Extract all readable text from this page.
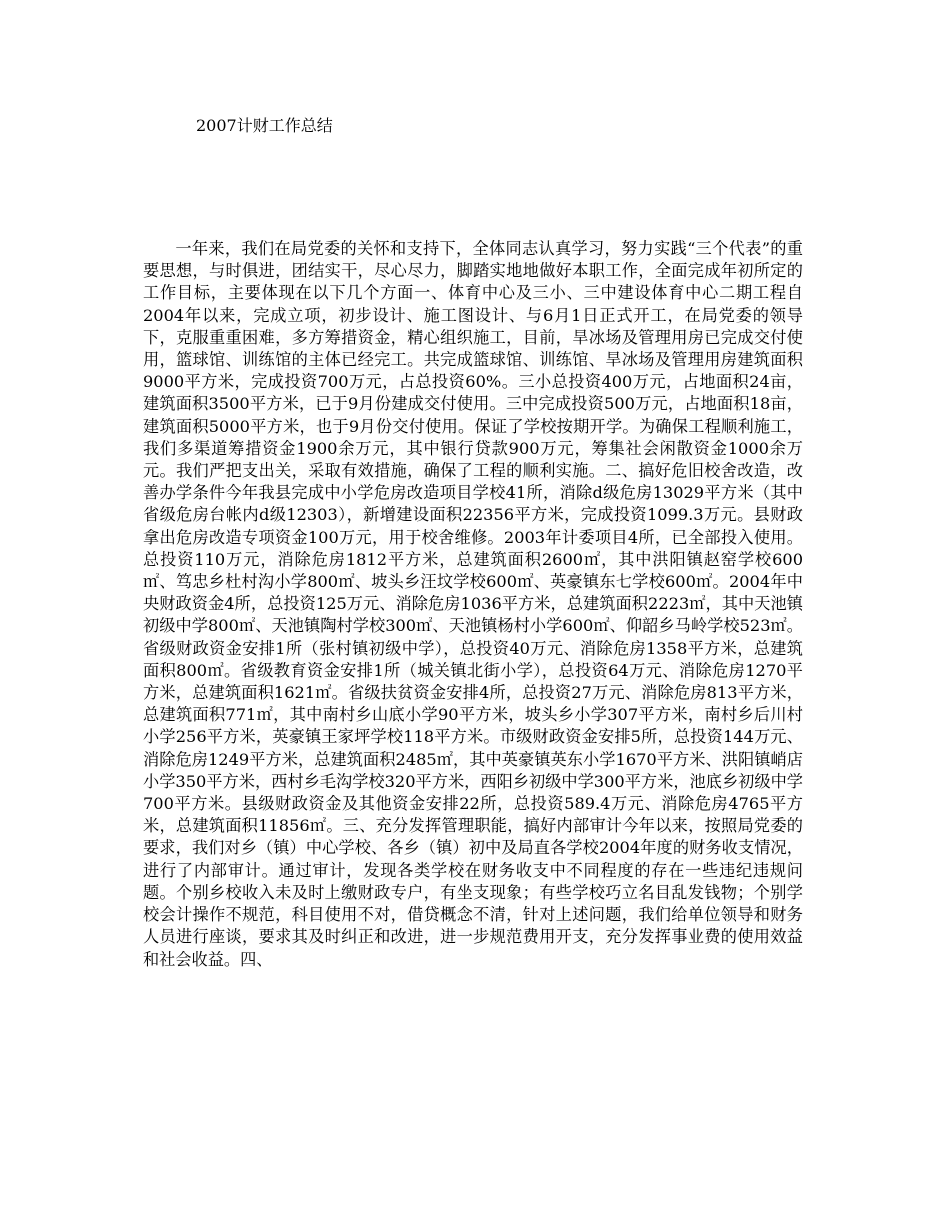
2007计财工作总结

一年来，我们在局党委的关怀和支持下，全体同志认真学习，努力实践“三个代表”的重要思想，与时俱进，团结实干，尽心尽力，脚踏实地地做好本职工作，全面完成年初所定的工作目标，主要体现在以下几个方面一、体育中心及三小、三中建设体育中心二期工程自2004年以来，完成立项，初步设计、施工图设计、与6月1日正式开工，在局党委的领导下，克服重重困难，多方筹措资金，精心组织施工，目前，旱冰场及管理用房已完成交付使用，篮球馆、训练馆的主体已经完工。共完成篮球馆、训练馆、旱冰场及管理用房建筑面积9000平方米，完成投资700万元，占总投资60%。三小总投资400万元，占地面积24亩，建筑面积3500平方米，已于9月份建成交付使用。三中完成投资500万元，占地面积18亩，建筑面积5000平方米，也于9月份交付使用。保证了学校按期开学。为确保工程顺利施工，我们多渠道筹措资金1900余万元，其中银行贷款900万元，筹集社会闲散资金1000余万元。我们严把支出关，采取有效措施，确保了工程的顺利实施。二、搞好危旧校舍改造，改善办学条件今年我县完成中小学危房改造项目学校41所，消除d级危房13029平方米（其中省级危房台帐内d级12303），新增建设面积22356平方米，完成投资1099.3万元。县财政拿出危房改造专项资金100万元，用于校舍维修。2003年计委项目4所，已全部投入使用。总投资110万元，消除危房1812平方米，总建筑面积2600㎡，其中洪阳镇赵窑学校600㎡、笃忠乡杜村沟小学800㎡、坡头乡汪坟学校600㎡、英豪镇东七学校600㎡。2004年中央财政资金4所，总投资125万元、消除危房1036平方米，总建筑面积2223㎡，其中天池镇初级中学800㎡、天池镇陶村学校300㎡、天池镇杨村小学600㎡、仰韶乡马岭学校523㎡。省级财政资金安排1所（张村镇初级中学），总投资40万元、消除危房1358平方米，总建筑面积800㎡。省级教育资金安排1所（城关镇北街小学），总投资64万元、消除危房1270平方米，总建筑面积1621㎡。省级扶贫资金安排4所，总投资27万元、消除危房813平方米，总建筑面积771㎡，其中南村乡山底小学90平方米，坡头乡小学307平方米，南村乡后川村小学256平方米，英豪镇王家坪学校118平方米。市级财政资金安排5所，总投资144万元、消除危房1249平方米，总建筑面积2485㎡，其中英豪镇英东小学1670平方米、洪阳镇峭店小学350平方米，西村乡毛沟学校320平方米，西阳乡初级中学300平方米，池底乡初级中学700平方米。县级财政资金及其他资金安排22所，总投资589.4万元、消除危房4765平方米，总建筑面积11856㎡。三、充分发挥管理职能，搞好内部审计今年以来，按照局党委的要求，我们对乡（镇）中心学校、各乡（镇）初中及局直各学校2004年度的财务收支情况，进行了内部审计。通过审计，发现各类学校在财务收支中不同程度的存在一些违纪违规问题。个别乡校收入未及时上缴财政专户，有坐支现象；有些学校巧立名目乱发钱物；个别学校会计操作不规范，科目使用不对，借贷概念不清，针对上述问题，我们给单位领导和财务人员进行座谈，要求其及时纠正和改进，进一步规范费用开支，充分发挥事业费的使用效益和社会收益。四、
